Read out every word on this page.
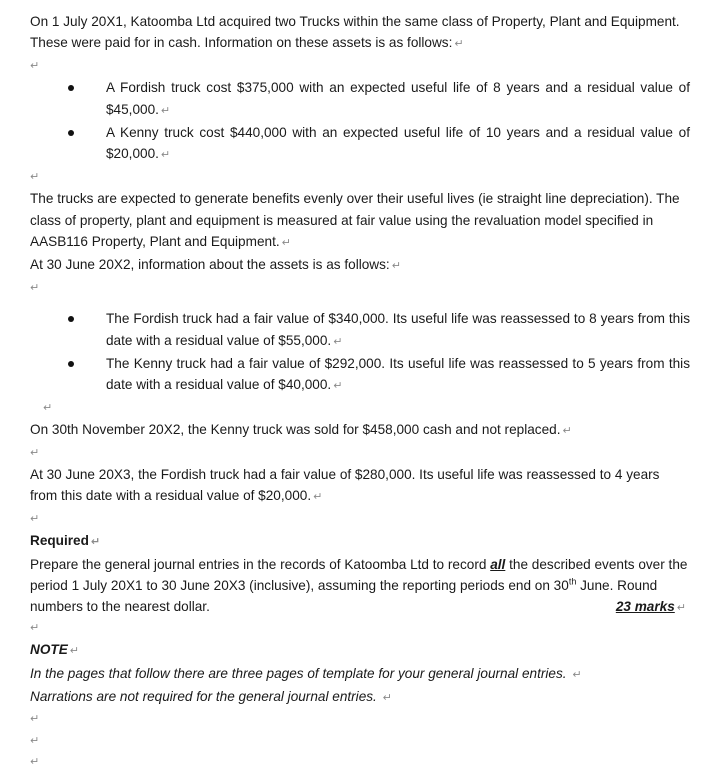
On 1 July 20X1, Katoomba Ltd acquired two Trucks within the same class of Property, Plant and Equipment. These were paid for in cash. Information on these assets is as follows: ↵

↵
A Fordish truck cost $375,000 with an expected useful life of 8 years and a residual value of $45,000. ↵
A Kenny truck cost $440,000 with an expected useful life of 10 years and a residual value of $20,000. ↵
↵

The trucks are expected to generate benefits evenly over their useful lives (ie straight line depreciation). The class of property, plant and equipment is measured at fair value using the revaluation model specified in AASB116 Property, Plant and Equipment. ↵

At 30 June 20X2, information about the assets is as follows: ↵

↵
The Fordish truck had a fair value of $340,000. Its useful life was reassessed to 8 years from this date with a residual value of $55,000. ↵
The Kenny truck had a fair value of $292,000. Its useful life was reassessed to 5 years from this date with a residual value of $40,000. ↵
↵

On 30th November 20X2, the Kenny truck was sold for $458,000 cash and not replaced. ↵

↵

At 30 June 20X3, the Fordish truck had a fair value of $280,000. Its useful life was reassessed to 4 years from this date with a residual value of $20,000. ↵

↵

Required ↵

Prepare the general journal entries in the records of Katoomba Ltd to record all the described events over the period 1 July 20X1 to 30 June 20X3 (inclusive), assuming the reporting periods end on 30th June. Round numbers to the nearest dollar.	23 marks ↵

↵

NOTE ↵

In the pages that follow there are three pages of template for your general journal entries. ↵

Narrations are not required for the general journal entries. ↵

↵
↵
↵
